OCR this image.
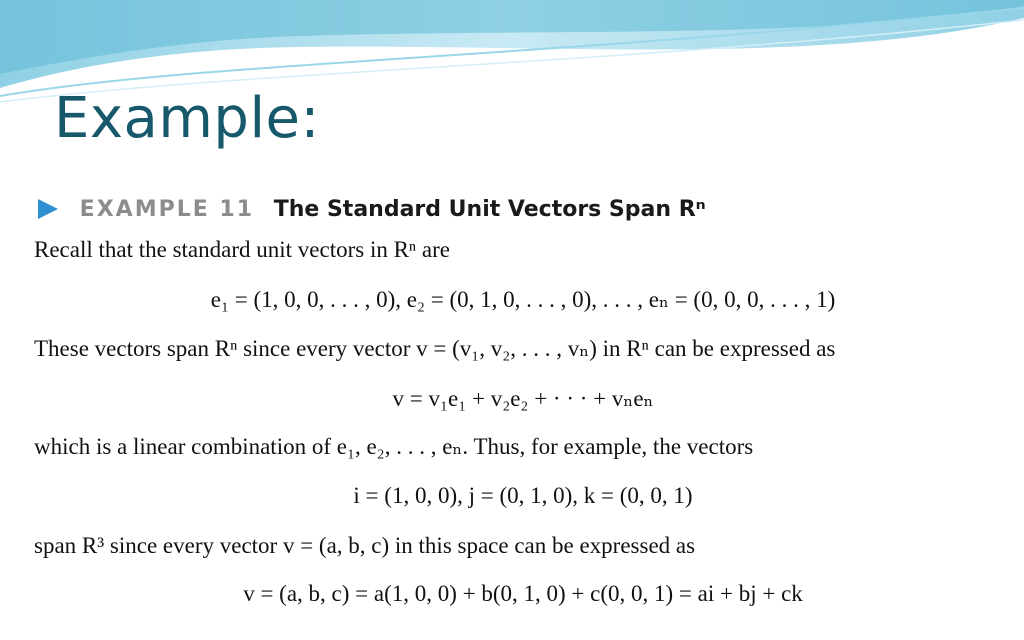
Example:
EXAMPLE 11 The Standard Unit Vectors Span Rⁿ
Recall that the standard unit vectors in Rⁿ are
e₁ = (1, 0, 0, . . . , 0), e₂ = (0, 1, 0, . . . , 0), . . . , eₙ = (0, 0, 0, . . . , 1)
These vectors span Rⁿ since every vector v = (v₁, v₂, . . . , vₙ) in Rⁿ can be expressed as
v = v₁e₁ + v₂e₂ + · · · + vₙeₙ
which is a linear combination of e₁, e₂, . . . , eₙ. Thus, for example, the vectors
i = (1, 0, 0), j = (0, 1, 0), k = (0, 0, 1)
span R³ since every vector v = (a, b, c) in this space can be expressed as
v = (a, b, c) = a(1, 0, 0) + b(0, 1, 0) + c(0, 0, 1) = ai + bj + ck
